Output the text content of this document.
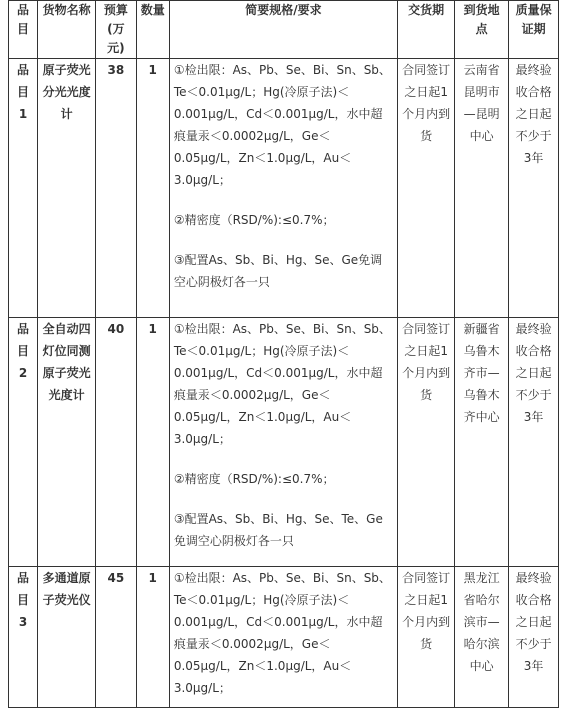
品目	货物名称	预算(万元)	数量	简要规格/要求	交货期	到货地点	质量保证期
品目1	原子荧光分光光度计	38	1	①检出限：As、Pb、Se、Bi、Sn、Sb、Te＜0.01μg/L；Hg(冷原子法)＜0.001μg/L，Cd＜0.001μg/L，水中超痕量汞＜0.0002μg/L，Ge＜0.05μg/L，Zn＜1.0μg/L，Au＜3.0μg/L；

②精密度（RSD/%):≤0.7%；

③配置As、Sb、Bi、Hg、Se、Ge免调空心阴极灯各一只	合同签订之日起1个月内到货	云南省昆明市—昆明中心	最终验收合格之日起不少于3年
品目2	全自动四灯位同测原子荧光光度计	40	1	①检出限：As、Pb、Se、Bi、Sn、Sb、Te＜0.01μg/L；Hg(冷原子法)＜0.001μg/L，Cd＜0.001μg/L，水中超痕量汞＜0.0002μg/L，Ge＜0.05μg/L，Zn＜1.0μg/L，Au＜3.0μg/L；

②精密度（RSD/%):≤0.7%；

③配置As、Sb、Bi、Hg、Se、Te、Ge免调空心阴极灯各一只	合同签订之日起1个月内到货	新疆省乌鲁木齐市—乌鲁木齐中心	最终验收合格之日起不少于3年
品目3	多通道原子荧光仪	45	1	①检出限：As、Pb、Se、Bi、Sn、Sb、Te＜0.01μg/L；Hg(冷原子法)＜0.001μg/L，Cd＜0.001μg/L，水中超痕量汞＜0.0002μg/L，Ge＜0.05μg/L，Zn＜1.0μg/L，Au＜3.0μg/L；	合同签订之日起1个月内到货	黑龙江省哈尔滨市—哈尔滨中心	最终验收合格之日起不少于3年
